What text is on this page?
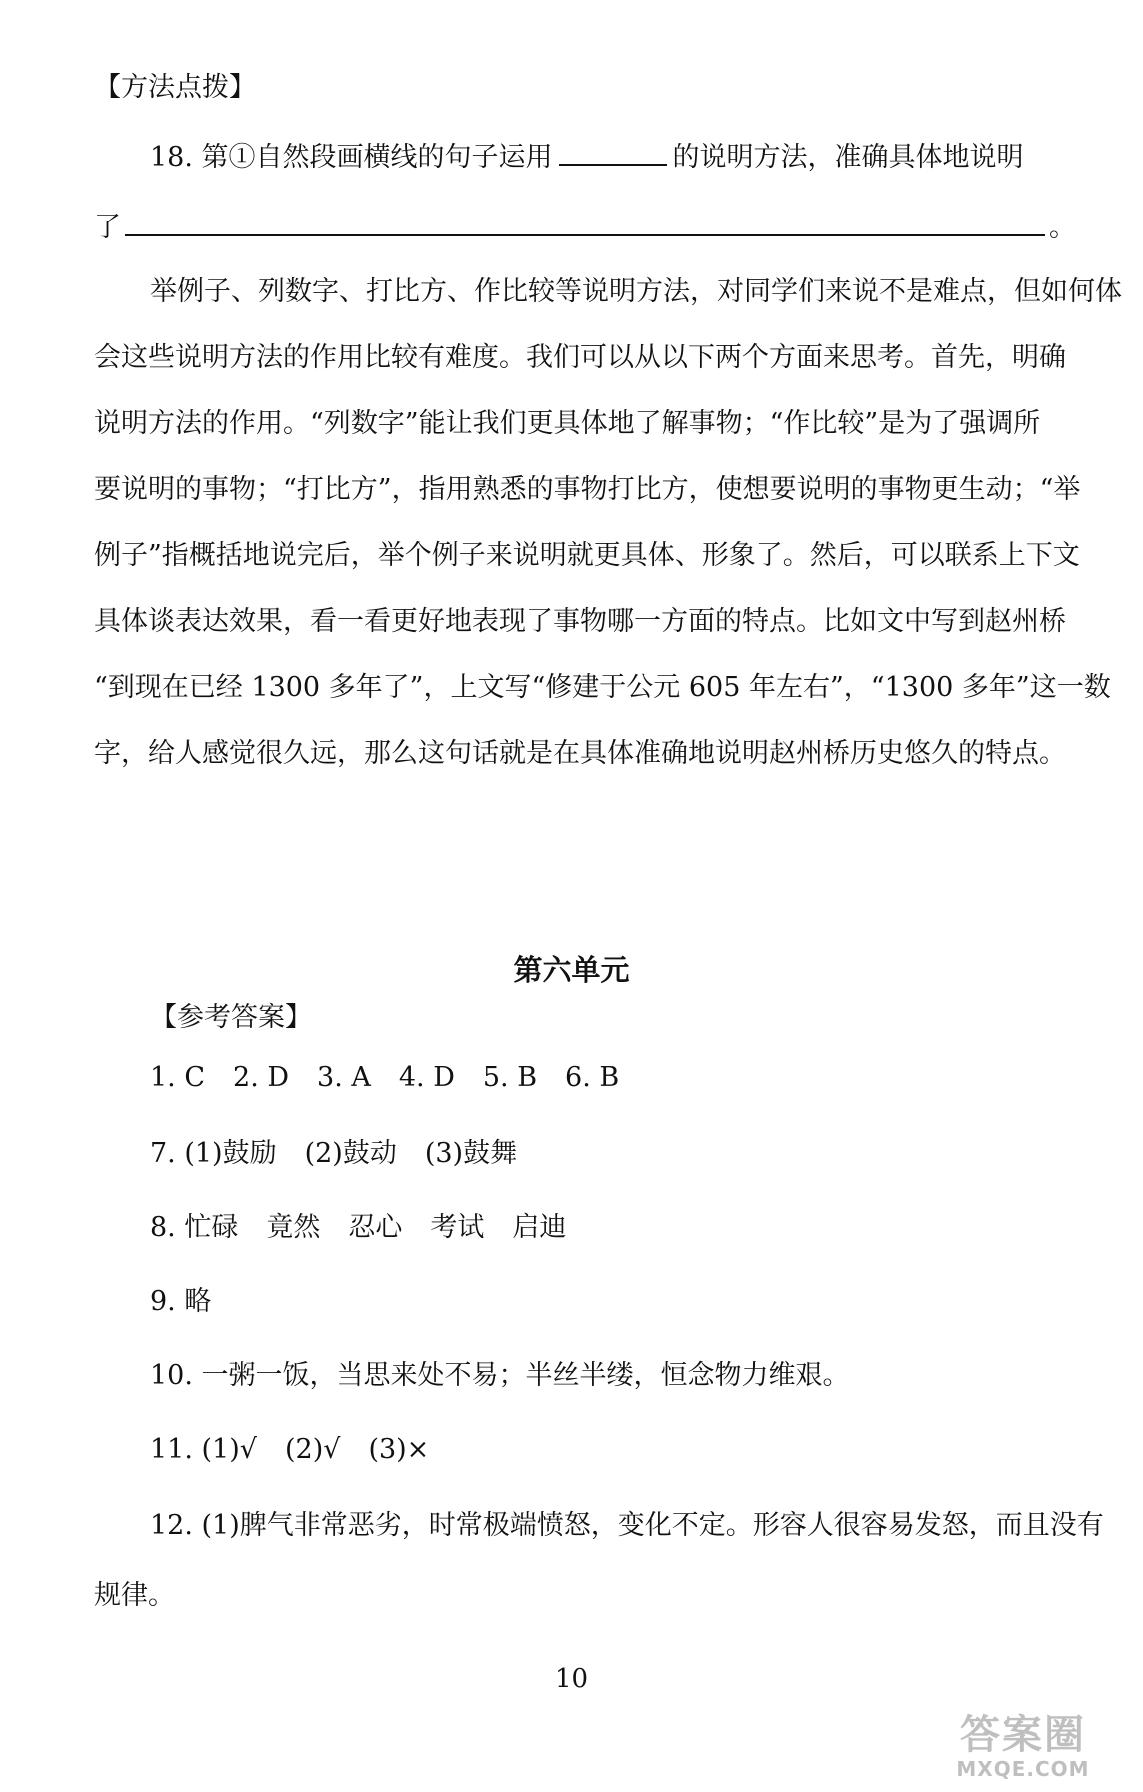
【方法点拨】
18. 第①自然段画横线的句子运用	的说明方法，准确具体地说明
了	。
举例子、列数字、打比方、作比较等说明方法，对同学们来说不是难点，但如何体
会这些说明方法的作用比较有难度。我们可以从以下两个方面来思考。首先，明确
说明方法的作用。“列数字”能让我们更具体地了解事物；“作比较”是为了强调所
要说明的事物；“打比方”，指用熟悉的事物打比方，使想要说明的事物更生动；“举
例子”指概括地说完后，举个例子来说明就更具体、形象了。然后，可以联系上下文
具体谈表达效果，看一看更好地表现了事物哪一方面的特点。比如文中写到赵州桥
“到现在已经 1300 多年了”，上文写“修建于公元 605 年左右”，“1300 多年”这一数
字，给人感觉很久远，那么这句话就是在具体准确地说明赵州桥历史悠久的特点。
第六单元
【参考答案】
1. C 2. D 3. A 4. D 5. B 6. B
7. (1)鼓励 (2)鼓动 (3)鼓舞
8. 忙碌 竟然 忍心 考试 启迪
9. 略
10. 一粥一饭，当思来处不易；半丝半缕，恒念物力维艰。
11. (1)√ (2)√ (3)×
12. (1)脾气非常恶劣，时常极端愤怒，变化不定。形容人很容易发怒，而且没有
规律。
10
答案圈
MXQE.COM
